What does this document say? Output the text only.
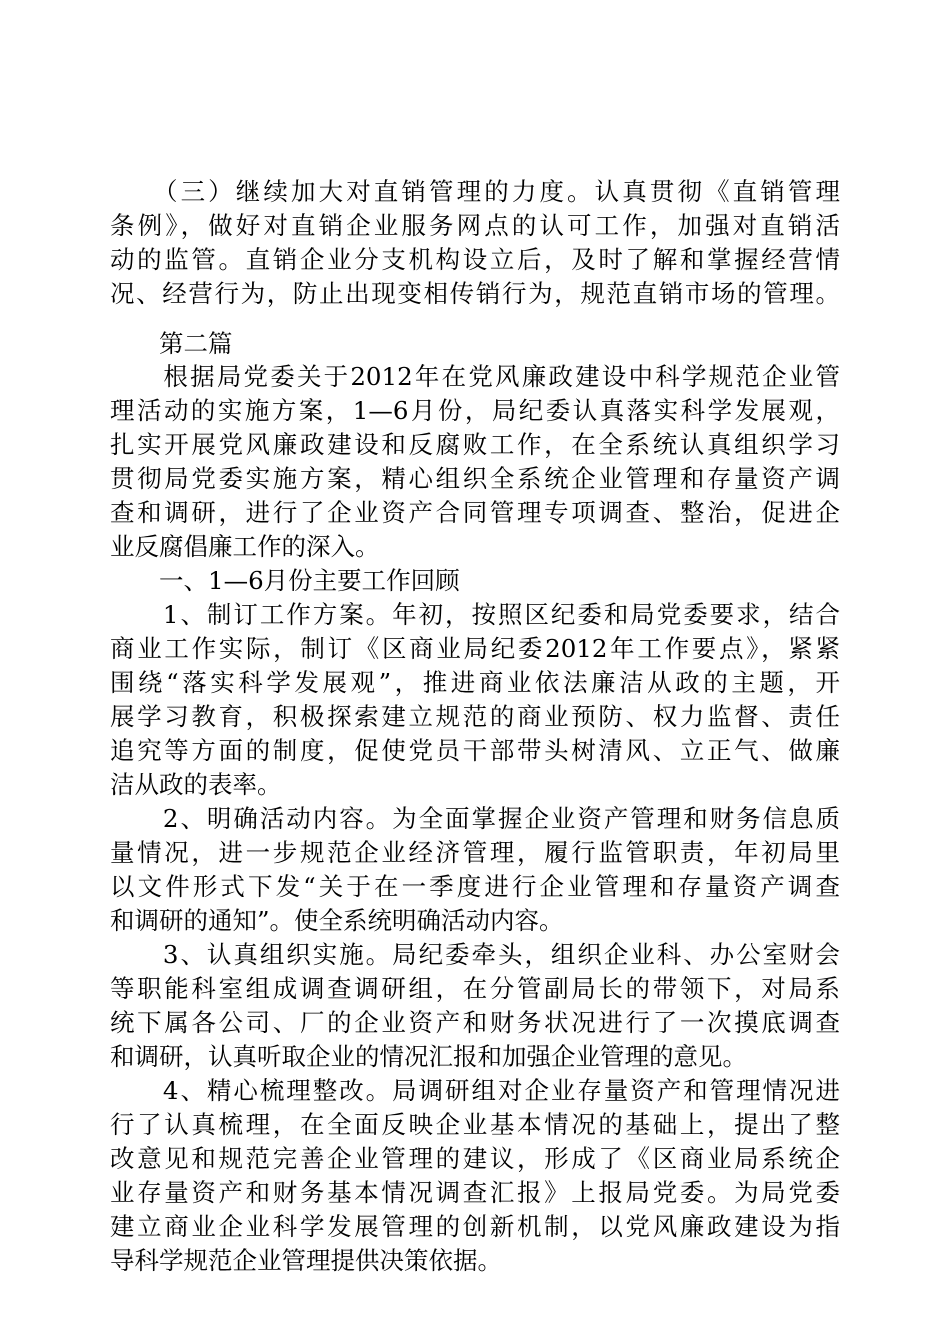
　　（三）继续加大对直销管理的力度。认真贯彻《直销管理
条例》，做好对直销企业服务网点的认可工作，加强对直销活
动的监管。直销企业分支机构设立后，及时了解和掌握经营情
况、经营行为，防止出现变相传销行为，规范直销市场的管理。
　　第二篇
　　根据局党委关于2012年在党风廉政建设中科学规范企业管
理活动的实施方案，1—6月份，局纪委认真落实科学发展观，
扎实开展党风廉政建设和反腐败工作，在全系统认真组织学习
贯彻局党委实施方案，精心组织全系统企业管理和存量资产调
查和调研，进行了企业资产合同管理专项调查、整治，促进企
业反腐倡廉工作的深入。
　　一、1—6月份主要工作回顾
　　1、制订工作方案。年初，按照区纪委和局党委要求，结合
商业工作实际，制订《区商业局纪委2012年工作要点》，紧紧
围绕“落实科学发展观”，推进商业依法廉洁从政的主题，开
展学习教育，积极探索建立规范的商业预防、权力监督、责任
追究等方面的制度，促使党员干部带头树清风、立正气、做廉
洁从政的表率。
　　2、明确活动内容。为全面掌握企业资产管理和财务信息质
量情况，进一步规范企业经济管理，履行监管职责，年初局里
以文件形式下发“关于在一季度进行企业管理和存量资产调查
和调研的通知”。使全系统明确活动内容。
　　3、认真组织实施。局纪委牵头，组织企业科、办公室财会
等职能科室组成调查调研组，在分管副局长的带领下，对局系
统下属各公司、厂的企业资产和财务状况进行了一次摸底调查
和调研，认真听取企业的情况汇报和加强企业管理的意见。
　　4、精心梳理整改。局调研组对企业存量资产和管理情况进
行了认真梳理，在全面反映企业基本情况的基础上，提出了整
改意见和规范完善企业管理的建议，形成了《区商业局系统企
业存量资产和财务基本情况调查汇报》上报局党委。为局党委
建立商业企业科学发展管理的创新机制，以党风廉政建设为指
导科学规范企业管理提供决策依据。
